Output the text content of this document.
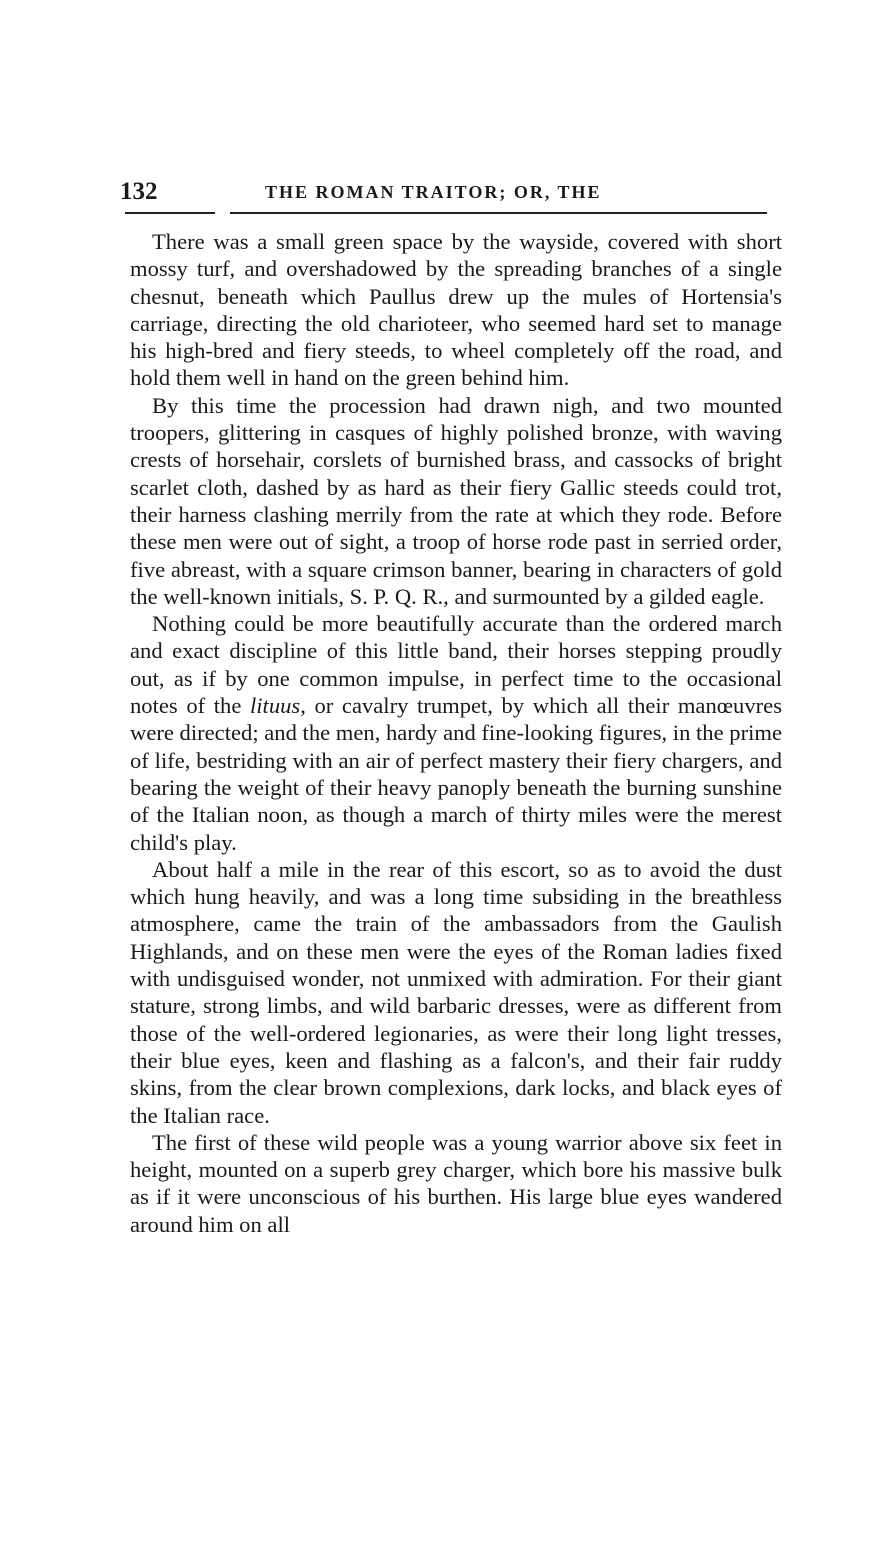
132	THE ROMAN TRAITOR; OR, THE

There was a small green space by the wayside, covered with short mossy turf, and overshadowed by the spreading branches of a single chesnut, beneath which Paullus drew up the mules of Hortensia's carriage, directing the old charioteer, who seemed hard set to manage his high-bred and fiery steeds, to wheel completely off the road, and hold them well in hand on the green behind him.

By this time the procession had drawn nigh, and two mounted troopers, glittering in casques of highly polished bronze, with waving crests of horsehair, corslets of burnished brass, and cassocks of bright scarlet cloth, dashed by as hard as their fiery Gallic steeds could trot, their harness clashing merrily from the rate at which they rode. Before these men were out of sight, a troop of horse rode past in serried order, five abreast, with a square crimson banner, bearing in characters of gold the well-known initials, S. P. Q. R., and surmounted by a gilded eagle.

Nothing could be more beautifully accurate than the ordered march and exact discipline of this little band, their horses stepping proudly out, as if by one common impulse, in perfect time to the occasional notes of the lituus, or cavalry trumpet, by which all their manœuvres were directed; and the men, hardy and fine-looking figures, in the prime of life, bestriding with an air of perfect mastery their fiery chargers, and bearing the weight of their heavy panoply beneath the burning sunshine of the Italian noon, as though a march of thirty miles were the merest child's play.

About half a mile in the rear of this escort, so as to avoid the dust which hung heavily, and was a long time subsiding in the breathless atmosphere, came the train of the ambassadors from the Gaulish Highlands, and on these men were the eyes of the Roman ladies fixed with undisguised wonder, not unmixed with admiration. For their giant stature, strong limbs, and wild barbaric dresses, were as different from those of the well-ordered legionaries, as were their long light tresses, their blue eyes, keen and flashing as a falcon's, and their fair ruddy skins, from the clear brown complexions, dark locks, and black eyes of the Italian race.

The first of these wild people was a young warrior above six feet in height, mounted on a superb grey charger, which bore his massive bulk as if it were unconscious of his burthen. His large blue eyes wandered around him on all
